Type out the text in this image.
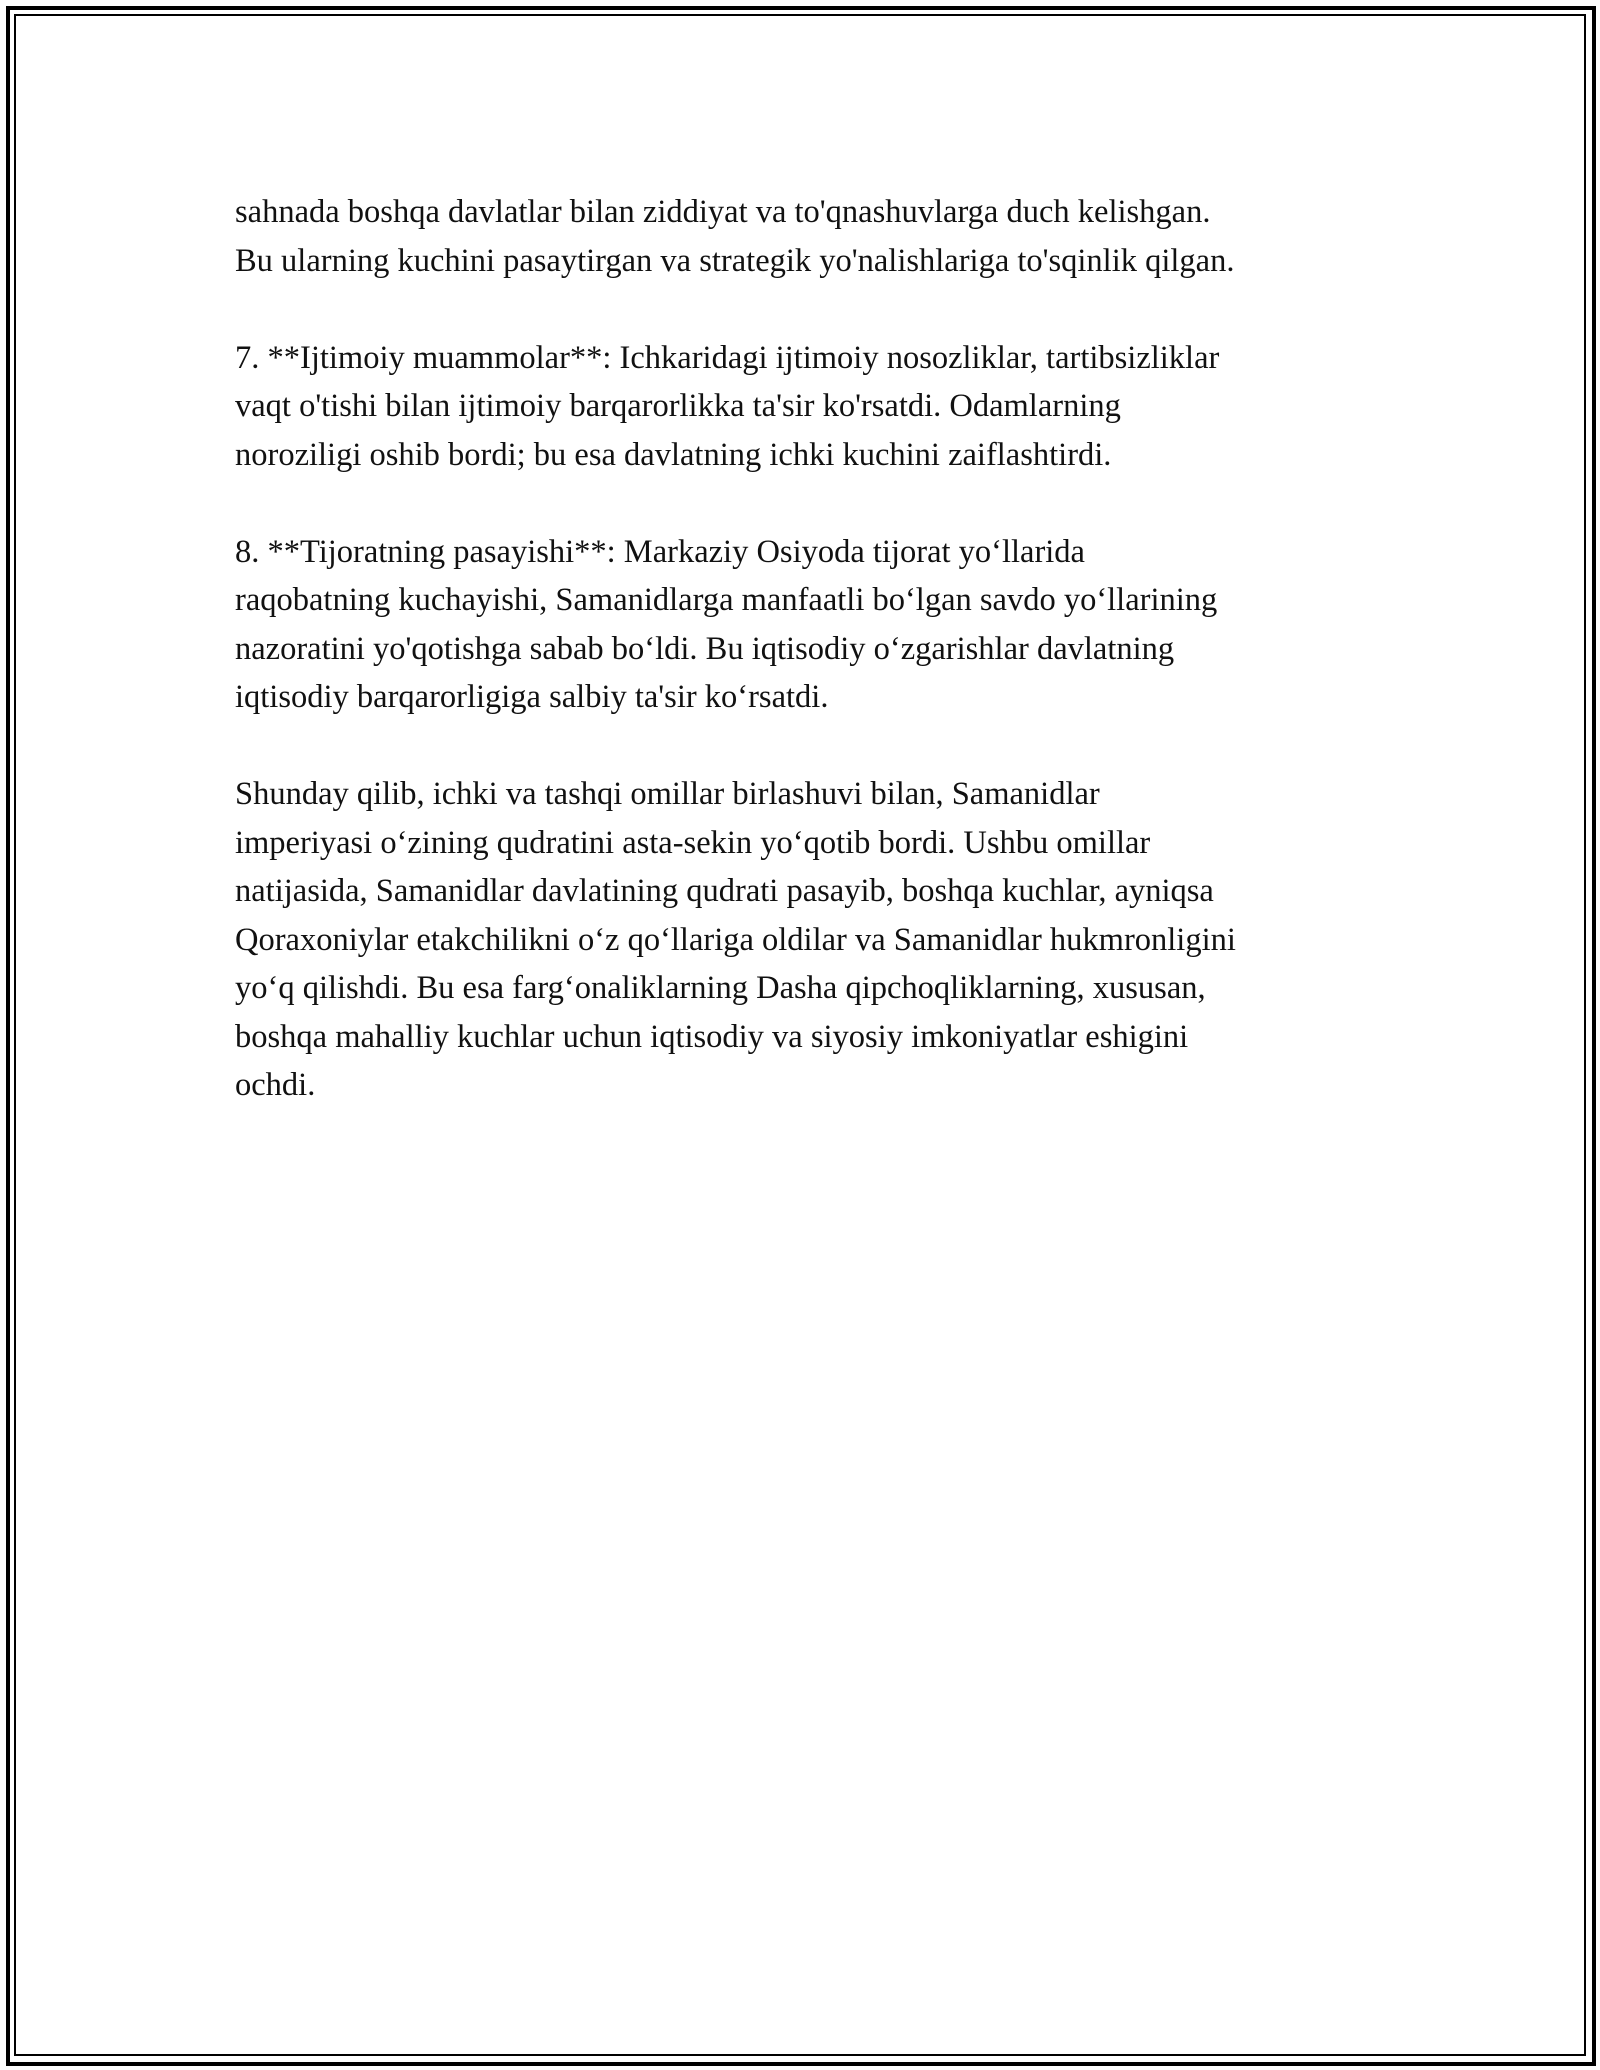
sahnada boshqa davlatlar bilan ziddiyat va to'qnashuvlarga duch kelishgan.
Bu ularning kuchini pasaytirgan va strategik yo'nalishlariga to'sqinlik qilgan.

7. **Ijtimoiy muammolar**: Ichkaridagi ijtimoiy nosozliklar, tartibsizliklar
vaqt o'tishi bilan ijtimoiy barqarorlikka ta'sir ko'rsatdi. Odamlarning
noroziligi oshib bordi; bu esa davlatning ichki kuchini zaiflashtirdi.

8. **Tijoratning pasayishi**: Markaziy Osiyoda tijorat yo‘llarida
raqobatning kuchayishi, Samanidlarga manfaatli bo‘lgan savdo yo‘llarining
nazoratini yo'qotishga sabab bo‘ldi. Bu iqtisodiy o‘zgarishlar davlatning
iqtisodiy barqarorligiga salbiy ta'sir ko‘rsatdi.

Shunday qilib, ichki va tashqi omillar birlashuvi bilan, Samanidlar
imperiyasi o‘zining qudratini asta-sekin yo‘qotib bordi. Ushbu omillar
natijasida, Samanidlar davlatining qudrati pasayib, boshqa kuchlar, ayniqsa
Qoraxoniylar etakchilikni o‘z qo‘llariga oldilar va Samanidlar hukmronligini
yo‘q qilishdi. Bu esa farg‘onaliklarning Dasha qipchoqliklarning, xususan,
boshqa mahalliy kuchlar uchun iqtisodiy va siyosiy imkoniyatlar eshigini
ochdi.
